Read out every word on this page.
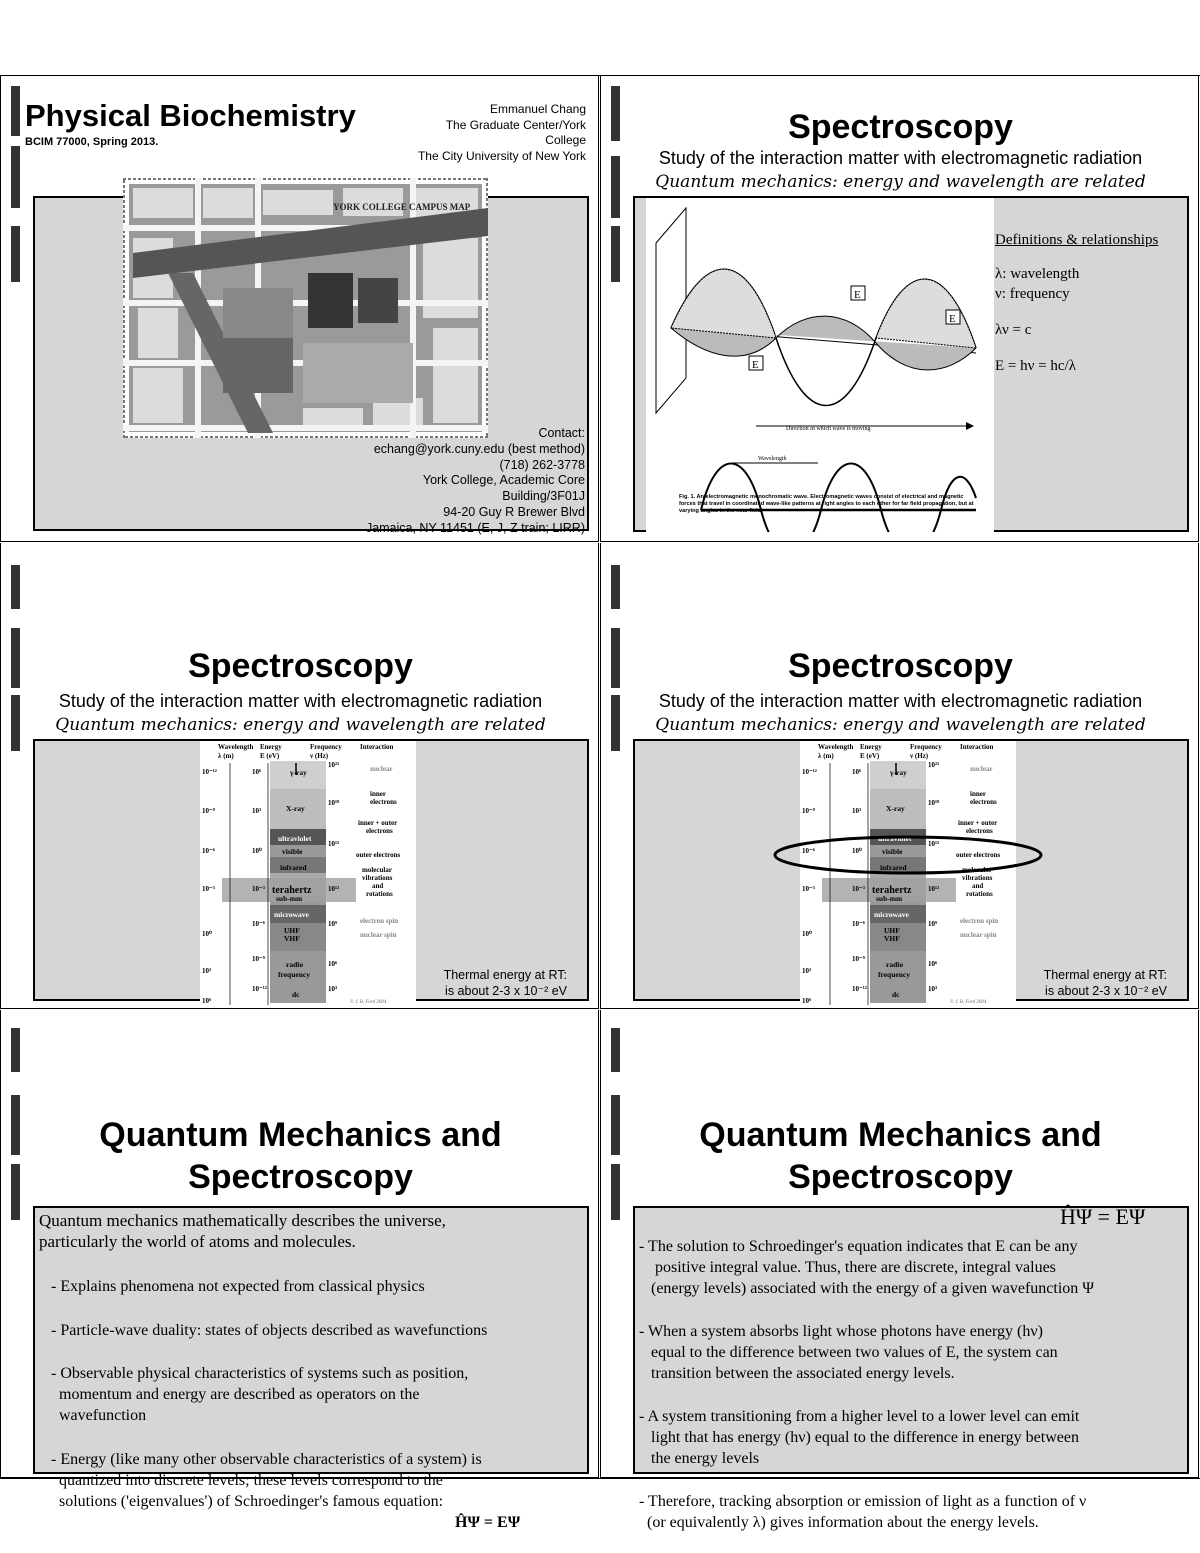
Physical Biochemistry
BCIM 77000, Spring 2013.
Emmanuel Chang
The Graduate Center/York
College
The City University of New York
Contact:
echang@york.cuny.edu (best method)
(718) 262-3778
York College, Academic Core
Building/3F01J
94-20 Guy R Brewer Blvd
Jamaica, NY 11451 (E, J, Z train; LIRR)
YORK COLLEGE CAMPUS MAP
Spectroscopy
Study of the interaction matter with electromagnetic radiation
Quantum mechanics: energy and wavelength are related
Definitions & relationships
λ: wavelength
ν: frequency
λν = c
E = hν = hc/λ
E
E
E
Direction in which wave is moving
Wavelength
Fig. 1. An electromagnetic monochromatic wave. Electromagnetic waves consist of electrical and magnetic forces that travel in coordinated wave-like patterns at right angles to each other for far field propagation, but at varying angles in the near field.
Spectroscopy
Study of the interaction matter with electromagnetic radiation
Quantum mechanics: energy and wavelength are related
Thermal energy at RT:
is about 2-3 x 10⁻² eV
Wavelength
λ (m)
Energy
E (eV)
Frequency
ν (Hz)
Interaction
γ-ray
X-ray
ultraviolet
visible
infrared
terahertz
sub-mm
microwave
UHF
VHF
radio
frequency
dc
10⁻¹²
10⁻⁹
10⁻⁶
10⁻³
10⁰
10³
10⁶
10⁶
10³
10⁰
10⁻³
10⁻⁶
10⁻⁹
10⁻¹²
10²¹
10¹⁸
10¹⁵
10¹²
10⁹
10⁶
10³
nuclear
inner
electrons
inner + outer
electrons
outer electrons
molecular
vibrations
and
rotations
electron spin
nuclear spin
© J. B. Ford 2004
Spectroscopy
Study of the interaction matter with electromagnetic radiation
Quantum mechanics: energy and wavelength are related
Thermal energy at RT:
is about 2-3 x 10⁻² eV
Wavelength
λ (m)
Energy
E (eV)
Frequency
ν (Hz)
Interaction
γ-ray
X-ray
ultraviolet
visible
infrared
terahertz
sub-mm
microwave
UHF
VHF
radio
frequency
dc
10⁻¹²
10⁻⁹
10⁻⁶
10⁻³
10⁰
10³
10⁶
10⁶
10³
10⁰
10⁻³
10⁻⁶
10⁻⁹
10⁻¹²
10²¹
10¹⁸
10¹⁵
10¹²
10⁹
10⁶
10³
nuclear
inner
electrons
inner + outer
electrons
outer electrons
molecular
vibrations
and
rotations
electron spin
nuclear spin
© J. B. Ford 2004
Quantum Mechanics and
Spectroscopy
Quantum mechanics mathematically describes the universe,
particularly the world of atoms and molecules.
- Explains phenomena not expected from classical physics
- Particle-wave duality: states of objects described as wavefunctions
- Observable physical characteristics of systems such as position,
momentum and energy are described as operators on the
wavefunction
- Energy (like many other observable characteristics of a system) is
quantized into discrete levels; these levels correspond to the
solutions ('eigenvalues') of Schroedinger's famous equation:
ĤΨ = EΨ
Quantum Mechanics and
Spectroscopy
ĤΨ = EΨ
- The solution to Schroedinger's equation indicates that E can be any
positive integral value. Thus, there are discrete, integral values
(energy levels) associated with the energy of a given wavefunction Ψ
- When a system absorbs light whose photons have energy (hν)
equal to the difference between two values of E, the system can
transition between the associated energy levels.
- A system transitioning from a higher level to a lower level can emit
light that has energy (hν) equal to the difference in energy between
the energy levels
- Therefore, tracking absorption or emission of light as a function of ν
(or equivalently λ) gives information about the energy levels.
